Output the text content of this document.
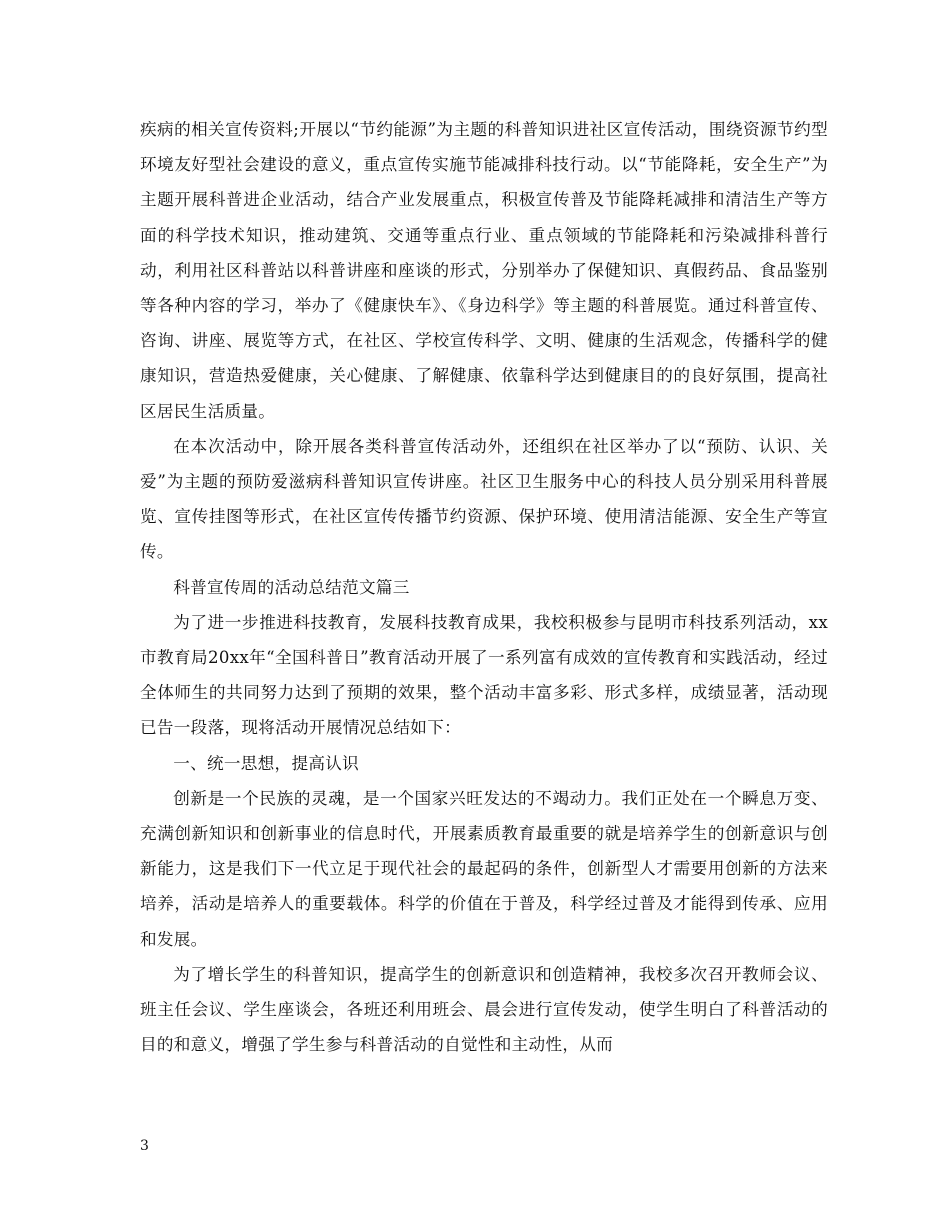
疾病的相关宣传资料;开展以“节约能源”为主题的科普知识进社区宣传活动，围绕资源节约型环境友好型社会建设的意义，重点宣传实施节能减排科技行动。以“节能降耗，安全生产”为主题开展科普进企业活动，结合产业发展重点，积极宣传普及节能降耗减排和清洁生产等方面的科学技术知识，推动建筑、交通等重点行业、重点领域的节能降耗和污染减排科普行动，利用社区科普站以科普讲座和座谈的形式，分别举办了保健知识、真假药品、食品鉴别等各种内容的学习，举办了《健康快车》、《身边科学》等主题的科普展览。通过科普宣传、咨询、讲座、展览等方式，在社区、学校宣传科学、文明、健康的生活观念，传播科学的健康知识，营造热爱健康，关心健康、了解健康、依靠科学达到健康目的的良好氛围，提高社区居民生活质量。

在本次活动中，除开展各类科普宣传活动外，还组织在社区举办了以“预防、认识、关爱”为主题的预防爱滋病科普知识宣传讲座。社区卫生服务中心的科技人员分别采用科普展览、宣传挂图等形式，在社区宣传传播节约资源、保护环境、使用清洁能源、安全生产等宣传。

科普宣传周的活动总结范文篇三

为了进一步推进科技教育，发展科技教育成果，我校积极参与昆明市科技系列活动，xx市教育局20xx年“全国科普日”教育活动开展了一系列富有成效的宣传教育和实践活动，经过全体师生的共同努力达到了预期的效果，整个活动丰富多彩、形式多样，成绩显著，活动现已告一段落，现将活动开展情况总结如下：

一、统一思想，提高认识

创新是一个民族的灵魂，是一个国家兴旺发达的不竭动力。我们正处在一个瞬息万变、充满创新知识和创新事业的信息时代，开展素质教育最重要的就是培养学生的创新意识与创新能力，这是我们下一代立足于现代社会的最起码的条件，创新型人才需要用创新的方法来培养，活动是培养人的重要载体。科学的价值在于普及，科学经过普及才能得到传承、应用和发展。

为了增长学生的科普知识，提高学生的创新意识和创造精神，我校多次召开教师会议、班主任会议、学生座谈会，各班还利用班会、晨会进行宣传发动，使学生明白了科普活动的目的和意义，增强了学生参与科普活动的自觉性和主动性，从而

3
